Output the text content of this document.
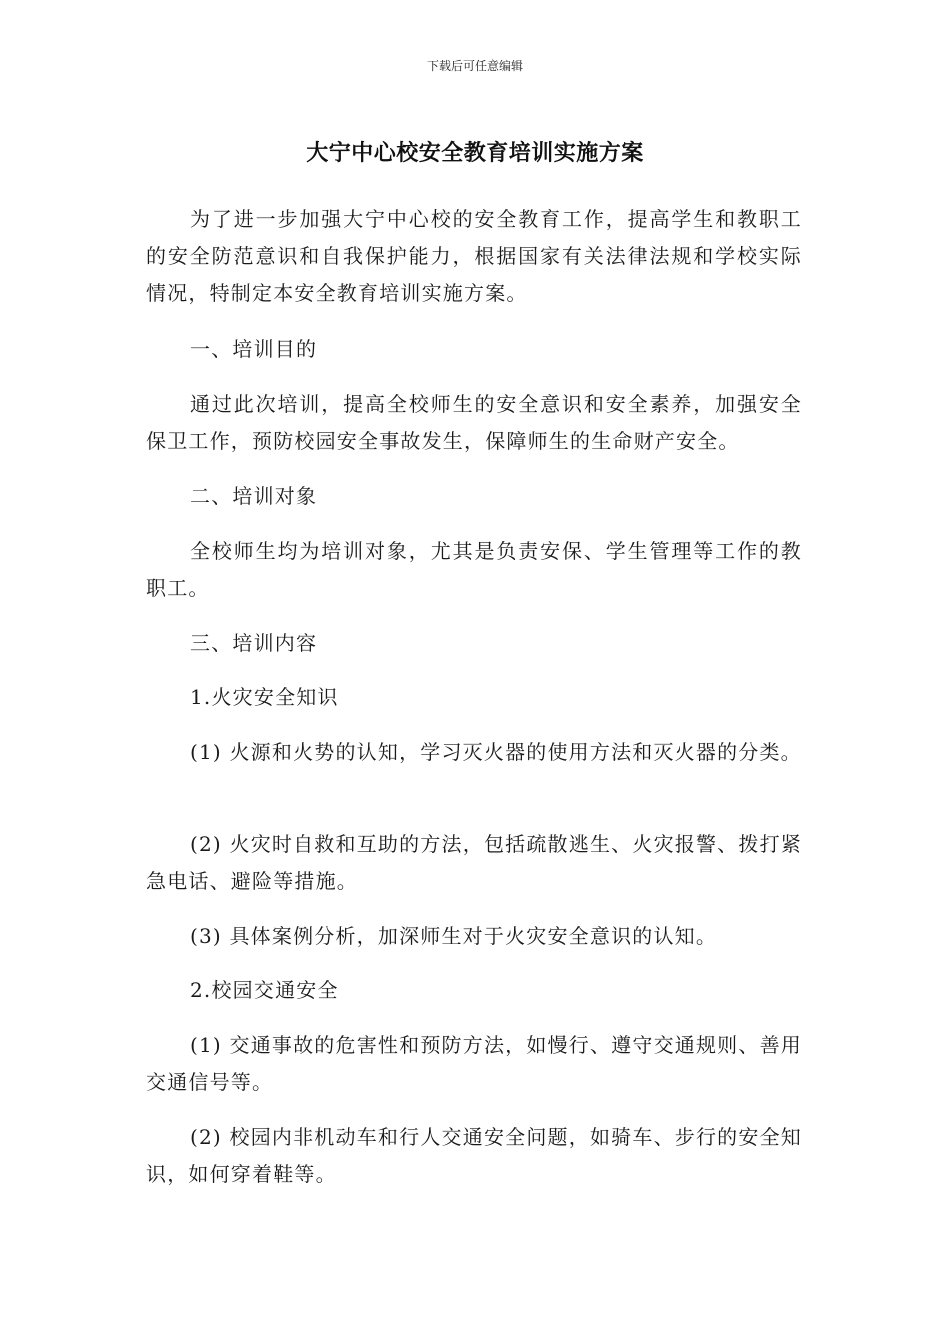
下载后可任意编辑
大宁中心校安全教育培训实施方案

为了进一步加强大宁中心校的安全教育工作，提高学生和教职工的安全防范意识和自我保护能力，根据国家有关法律法规和学校实际情况，特制定本安全教育培训实施方案。

一、培训目的

通过此次培训，提高全校师生的安全意识和安全素养，加强安全保卫工作，预防校园安全事故发生，保障师生的生命财产安全。

二、培训对象

全校师生均为培训对象，尤其是负责安保、学生管理等工作的教职工。

三、培训内容

1.火灾安全知识

(1) 火源和火势的认知，学习灭火器的使用方法和灭火器的分类。

(2) 火灾时自救和互助的方法，包括疏散逃生、火灾报警、拨打紧急电话、避险等措施。

(3) 具体案例分析，加深师生对于火灾安全意识的认知。

2.校园交通安全

(1) 交通事故的危害性和预防方法，如慢行、遵守交通规则、善用交通信号等。

(2) 校园内非机动车和行人交通安全问题，如骑车、步行的安全知识，如何穿着鞋等。
